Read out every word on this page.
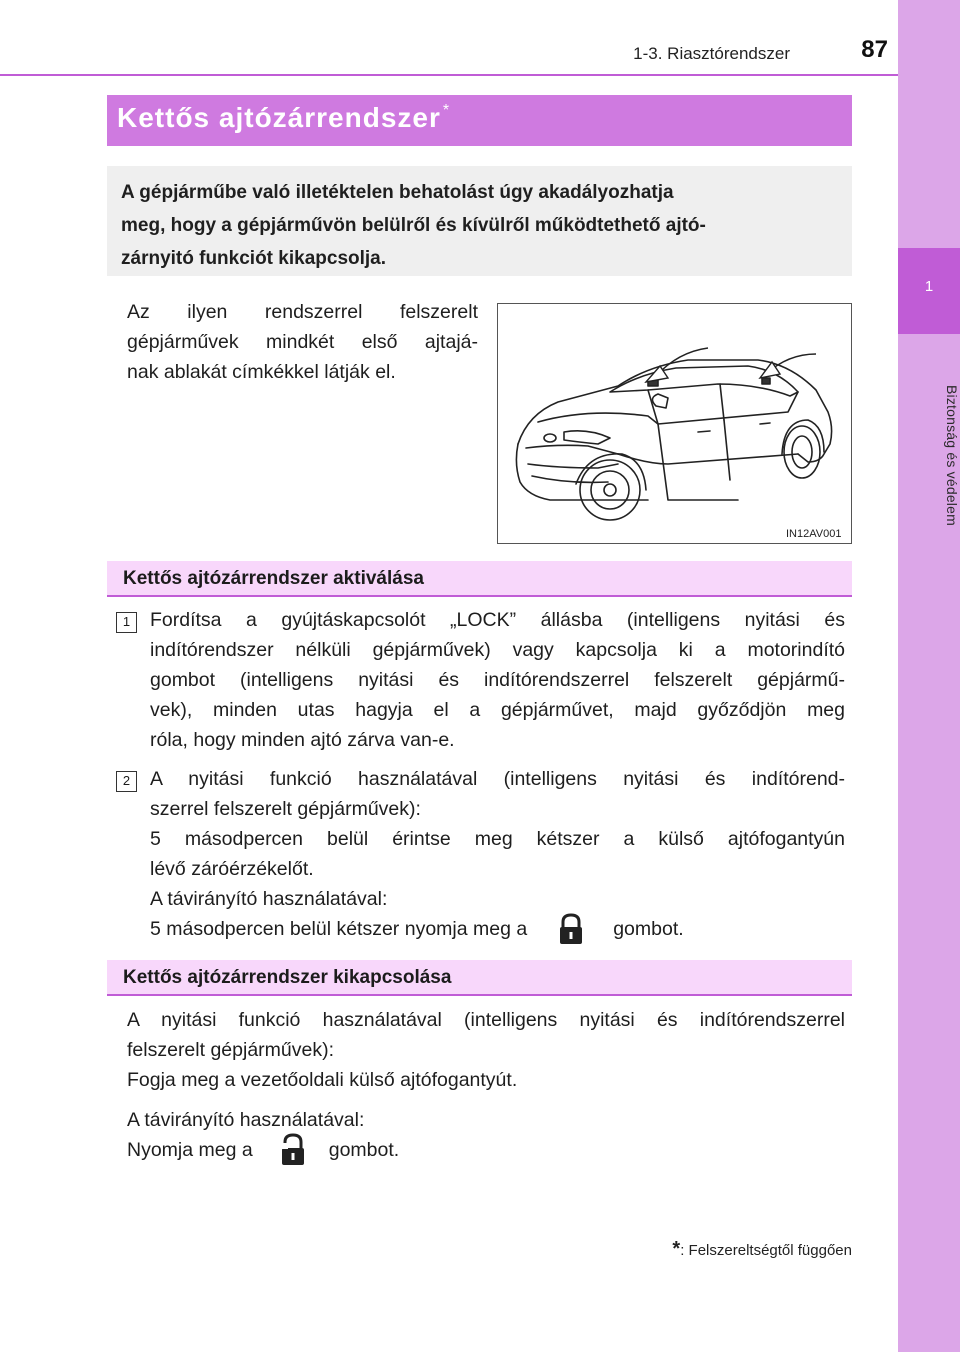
1
Biztonság és védelem
1-3. Riasztórendszer	87
Kettős ajtózárrendszer *
A gépjárműbe való illetéktelen behatolást úgy akadályozhatja
meg, hogy a gépjárművön belülről és kívülről működtethető ajtó-
zárnyitó funkciót kikapcsolja.
Az ilyen rendszerrel felszerelt
gépjárművek mindkét első ajtajá-
nak ablakát címkékkel látják el.
IN12AV001
Kettős ajtózárrendszer aktiválása
1	Fordítsa a gyújtáskapcsolót „LOCK” állásba (intelligens nyitási és
indítórendszer nélküli gépjárművek) vagy kapcsolja ki a motorindító
gombot (intelligens nyitási és indítórendszerrel felszerelt gépjármű-
vek), minden utas hagyja el a gépjárművet, majd győződjön meg
róla, hogy minden ajtó zárva van-e.
2	A nyitási funkció használatával (intelligens nyitási és indítórend-
szerrel felszerelt gépjárművek):
5 másodpercen belül érintse meg kétszer a külső ajtófogantyún
lévő záróérzékelőt.
A távirányító használatával:
5 másodpercen belül kétszer nyomja meg a	gombot.
Kettős ajtózárrendszer kikapcsolása
A nyitási funkció használatával (intelligens nyitási és indítórendszerrel
felszerelt gépjárművek):
Fogja meg a vezetőoldali külső ajtófogantyút.
A távirányító használatával:
Nyomja meg a	gombot.
*: Felszereltségtől függően
